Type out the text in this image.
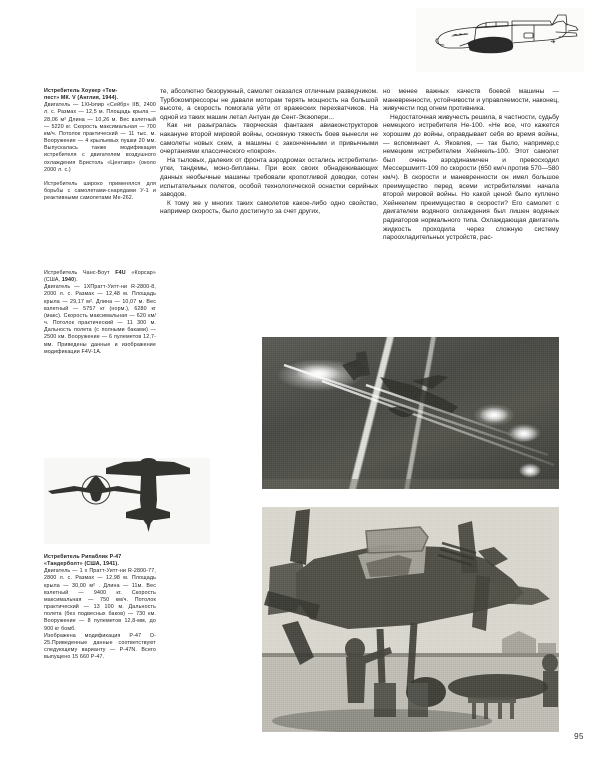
Истребитель Хоукер «Тем-

пест» МК. V (Англия, 1944).

Двигатель — 1ХНэпир «Сейбр» IIB, 2400 л. с. Размах — 12,5 м. Площадь крыла — 28,06 м² Длина — 10,26 м. Вес взлетный — 5220 кг. Скорость максимальная — 700 км/ч. Потолок практический — 11 тыс. м. Вооружение — 4 крыльевых пушки 20 мм. Выпускалась также модификация истребителя с двигателем воздушного охлаждения Бристоль «Центавр» (около 2000 л. с.)

Истребитель широко применялся для борьбы с самолетами-снарядами У-1 и реактивными самолетами Ме-262.

Истребитель Чанс-Воут F4U «Корсар» (США, 1940).

Двигатель — 1ХПратт-Уитт-ни R-2800-8, 2000 л. с. Размах — 12,48 м. Площадь крыла — 29,17 м². Длина — 10,07 м. Вес взлетный — 5757 кг (норм.), 6280 кг (макс). Скорость максимальная — 620 км/ч. Потолок практический — 11 300 м. Дальность полета (с полными баками) — 2500 км. Вооружение — 6 пулеметов 12,7-мм. Приведены данные и изображение модификации F4V-1A.

Истребитель Рипаблик Р-47

«Тандерболт» (США, 1941).

Двигатель — 1 х Пратт-Уитт-ни R-2800-77, 2800 л. с. Размах — 12,98 м. Площадь крыла — 30,00 м² . Длина — 11м. Вес взлетный — 9400 кг. Скорость максимальная — 750 км/ч. Потолок практический — 13 100 м. Дальность полета (без подвесных баков) — 730 км. Вооружение — 8 пулеметов 12,8-мм, до 900 кг бомб.

Изображена модификация Р-47 D-25.Приведенные данные соответствуют следующему варианту — Р-47N. Всего выпущено 15 660 Р-47.

те, абсолютно безоружный, самолет оказался отличным разведчиком. Турбокомпрессоры не давали моторам терять мощность на большой высоте, а скорость помогала уйти от вражеских перехватчиков. На одной из таких машин летал Антуан де Сент-Экзюпери...

Как ни разыгралась творческая фантазия авиаконструкторов накануне второй мировой войны, основную тяжесть боев вынесли не самолеты новых схем, а машины с законченными и привычными очертаниями классического «покроя».

На тыловых, далеких от фронта аэродромах остались истребители-утки, тандемы, моно-бипланы. При всех своих обнадеживающих данных необычные машины требовали кропотливой доводки, сотен испытательных полетов, особой технологической оснастки серийных заводов.

К тому же у многих таких самолетов какое-либо одно свойство, например скорость, было достигнуто за счет других,

но менее важных качеств боевой машины — маневренности, устойчивости и управляемости, наконец, живучести под огнем противника.

Недостаточная живучесть решила, в частности, судьбу немецкого истребителя Не-100. «Не все, что кажется хорошим до войны, оправдывает себя во время войны, — вспоминает А. Яковлев, — так было, например,с немецким истребителем Хейнкель-100. Этот самолет был очень аэродинамичен и превосходил Мессершмитт-109 по скорости (650 км/ч против 570—580 км/ч). В скорости и маневренности он имел большое преимущество перед всеми истребителями начала второй мировой войны. Но какой ценой было куплено Хейнкелем преимущество в скорости? Его самолет с двигателем водяного охлаждения был лишен водяных радиаторов нормального типа. Охлаждающая двигатель жидкость проходила через сложную систему пароохладительных устройств, рас-

95
